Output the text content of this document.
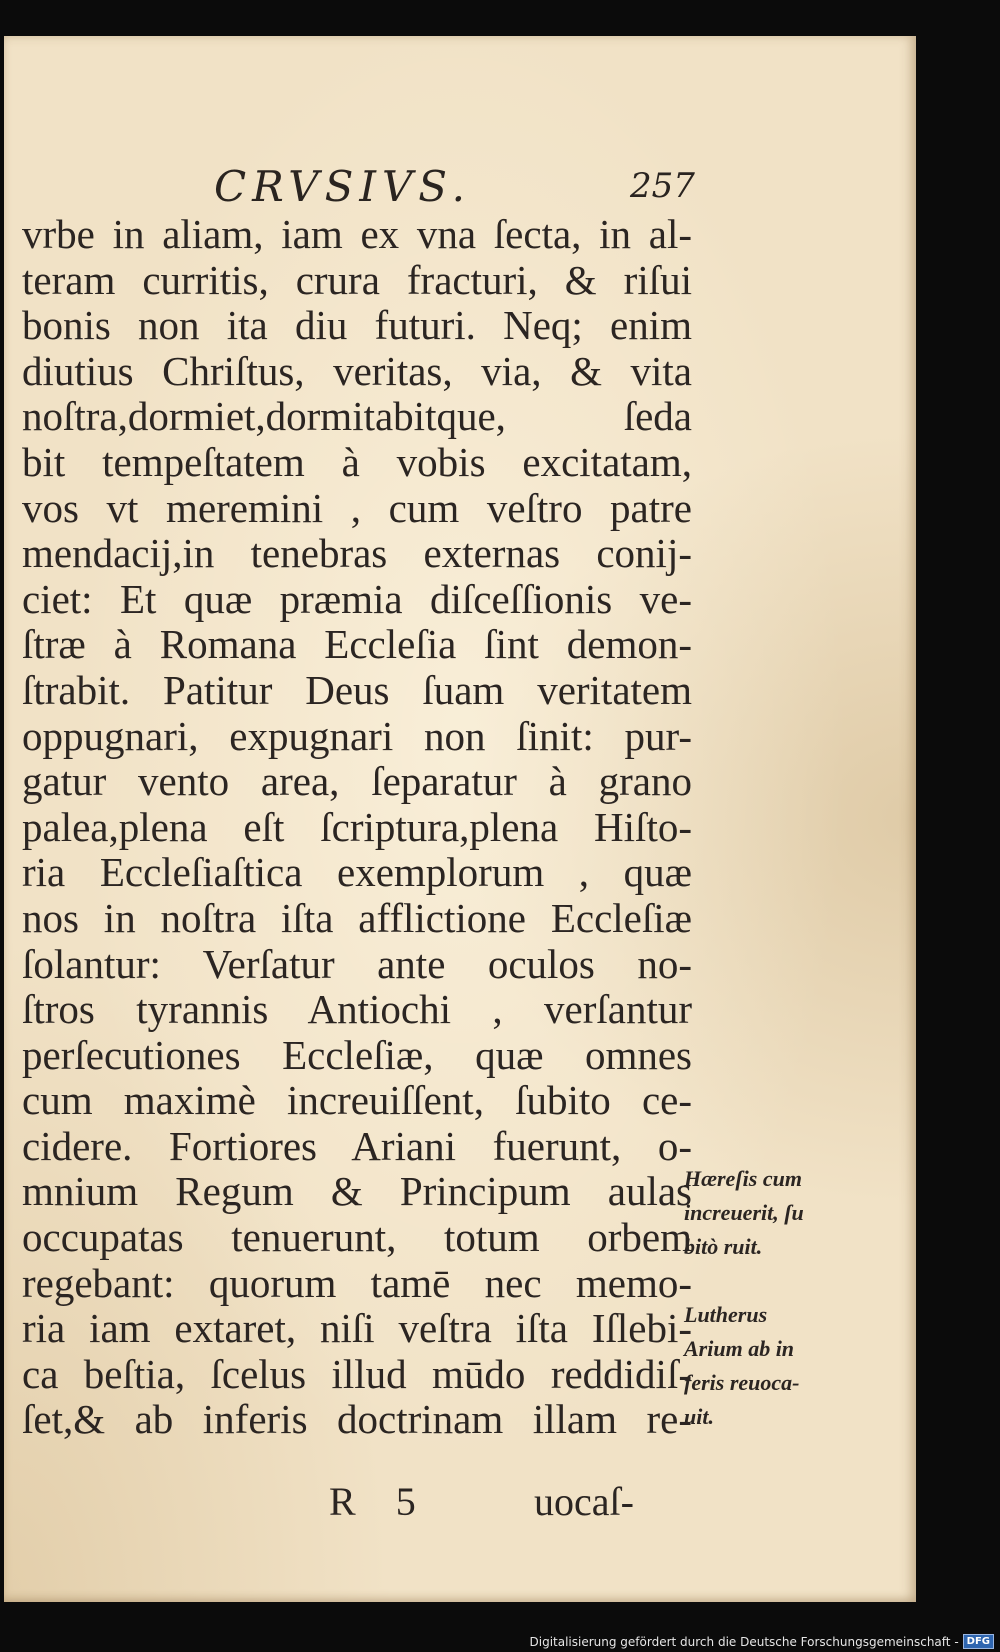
CRVSIVS.	257
vrbe in aliam, iam ex vna ſecta, in al-
teram curritis, crura fracturi, & riſui
bonis non ita diu futuri. Neq; enim
diutius Chriſtus, veritas, via, & vita
noſtra,dormiet,dormitabitque, ſeda
bit tempeſtatem à vobis excitatam,
vos vt meremini , cum veſtro patre
mendacij,in tenebras externas conij-
ciet: Et quæ præmia diſceſſionis ve-
ſtræ à Romana Eccleſia ſint demon-
ſtrabit. Patitur Deus ſuam veritatem
oppugnari, expugnari non ſinit: pur-
gatur vento area, ſeparatur à grano
palea,plena eſt ſcriptura,plena Hiſto-
ria Eccleſiaſtica exemplorum , quæ
nos in noſtra iſta afflictione Eccleſiæ
ſolantur: Verſatur ante oculos no-
ſtros tyrannis Antiochi , verſantur
perſecutiones Eccleſiæ, quæ omnes
cum maximè increuiſſent, ſubito ce-
cidere. Fortiores Ariani fuerunt, o-
mnium Regum & Principum aulas
occupatas tenuerunt, totum orbem
regebant: quorum tamē nec memo-
ria iam extaret, niſi veſtra iſta Iſlebi-
ca beſtia, ſcelus illud mūdo reddidiſ-
ſet,& ab inferis doctrinam illam re-
Hæreſis cum
increuerit, ſu
bitò ruit.
Lutherus
Arium ab in
feris reuoca-
uit.
R 5	uocaſ-
Digitalisierung gefördert durch die Deutsche Forschungsgemeinschaft - DFG
